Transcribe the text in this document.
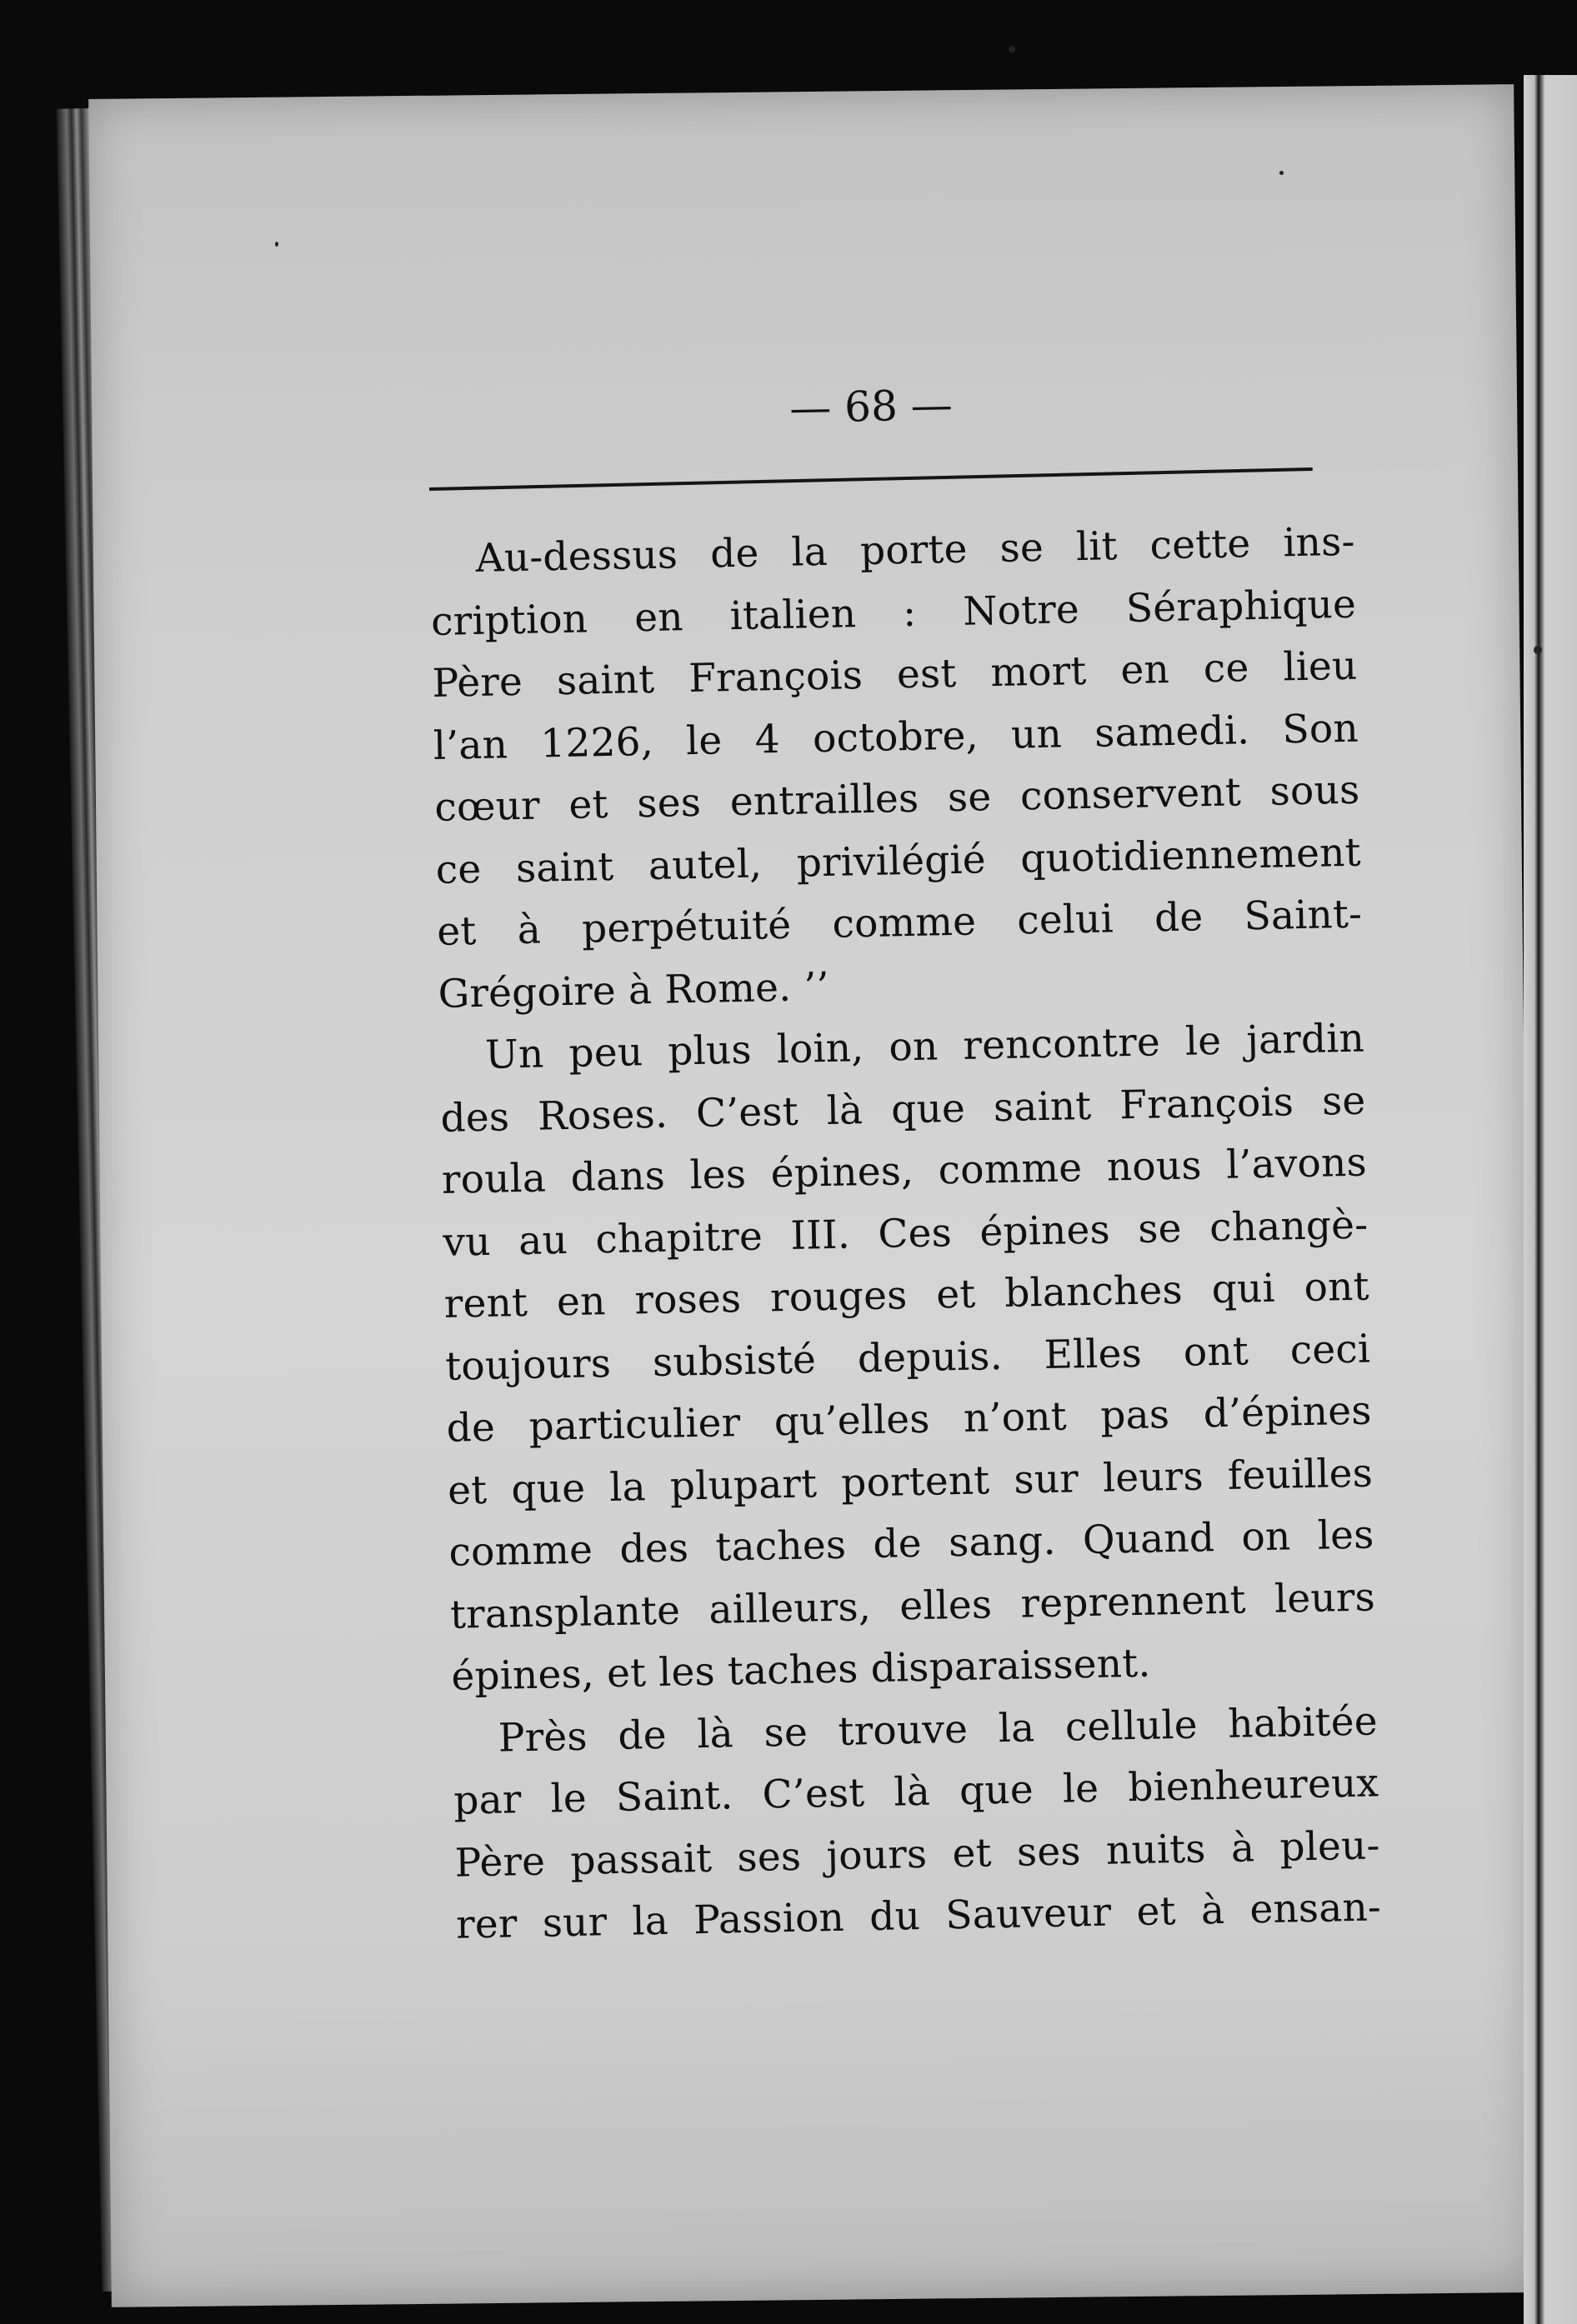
— 68 —
Au-dessus de la porte se lit cette ins-
cription en italien : Notre Séraphique
Père saint François est mort en ce lieu
l’an 1226, le 4 octobre, un samedi. Son
cœur et ses entrailles se conservent sous
ce saint autel, privilégié quotidiennement
et à perpétuité comme celui de Saint-
Grégoire à Rome. ’’
Un peu plus loin, on rencontre le jardin
des Roses. C’est là que saint François se
roula dans les épines, comme nous l’avons
vu au chapitre III. Ces épines se changè-
rent en roses rouges et blanches qui ont
toujours subsisté depuis. Elles ont ceci
de particulier qu’elles n’ont pas d’épines
et que la plupart portent sur leurs feuilles
comme des taches de sang. Quand on les
transplante ailleurs, elles reprennent leurs
épines, et les taches disparaissent.
Près de là se trouve la cellule habitée
par le Saint. C’est là que le bienheureux
Père passait ses jours et ses nuits à pleu-
rer sur la Passion du Sauveur et à ensan-
